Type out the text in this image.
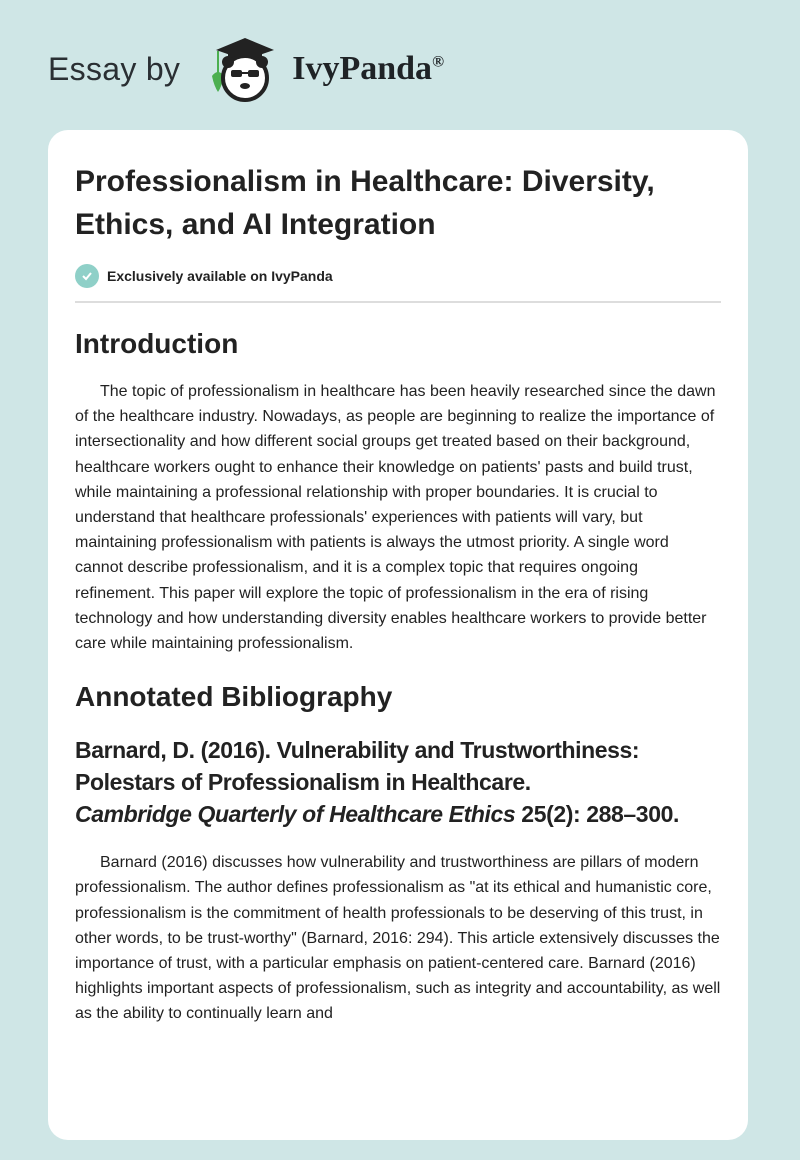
Essay by	IvyPanda®
Professionalism in Healthcare: Diversity, Ethics, and AI Integration
Exclusively available on IvyPanda
Introduction

The topic of professionalism in healthcare has been heavily researched since the dawn of the healthcare industry. Nowadays, as people are beginning to realize the importance of intersectionality and how different social groups get treated based on their background, healthcare workers ought to enhance their knowledge on patients' pasts and build trust, while maintaining a professional relationship with proper boundaries. It is crucial to understand that healthcare professionals' experiences with patients will vary, but maintaining professionalism with patients is always the utmost priority. A single word cannot describe professionalism, and it is a complex topic that requires ongoing refinement. This paper will explore the topic of professionalism in the era of rising technology and how understanding diversity enables healthcare workers to provide better care while maintaining professionalism.

Annotated Bibliography
Barnard, D. (2016). Vulnerability and Trustworthiness: Polestars of Professionalism in Healthcare.
Cambridge Quarterly of Healthcare Ethics 25(2): 288–300.

Barnard (2016) discusses how vulnerability and trustworthiness are pillars of modern professionalism. The author defines professionalism as "at its ethical and humanistic core, professionalism is the commitment of health professionals to be deserving of this trust, in other words, to be trust-worthy" (Barnard, 2016: 294). This article extensively discusses the importance of trust, with a particular emphasis on patient-centered care. Barnard (2016) highlights important aspects of professionalism, such as integrity and accountability, as well as the ability to continually learn and
